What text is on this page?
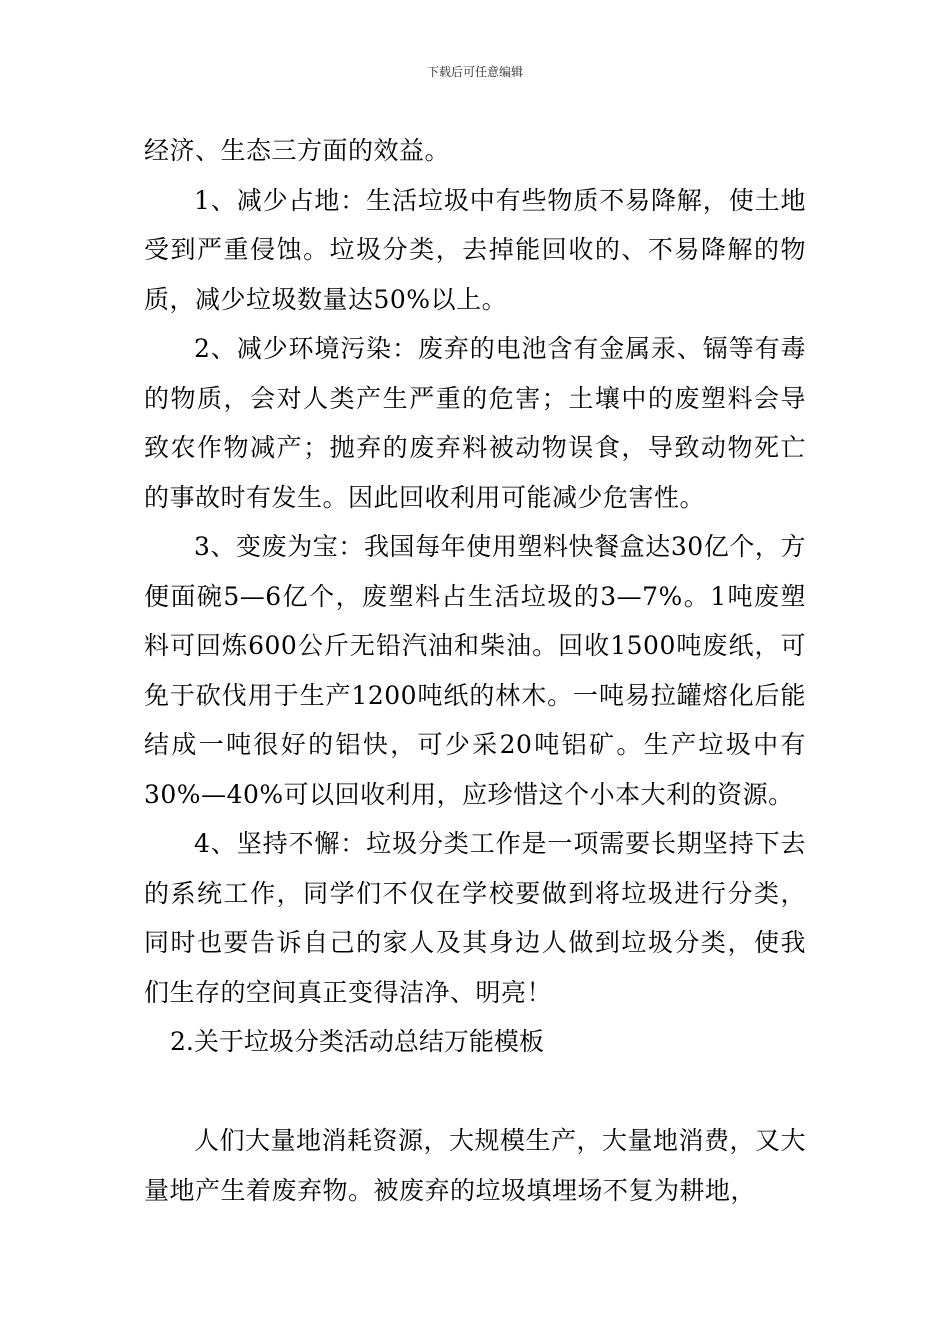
下载后可任意编辑

经济、生态三方面的效益。

1、减少占地：生活垃圾中有些物质不易降解，使土地受到严重侵蚀。垃圾分类，去掉能回收的、不易降解的物质，减少垃圾数量达50%以上。

2、减少环境污染：废弃的电池含有金属汞、镉等有毒的物质，会对人类产生严重的危害；土壤中的废塑料会导致农作物减产；抛弃的废弃料被动物误食，导致动物死亡的事故时有发生。因此回收利用可能减少危害性。

3、变废为宝：我国每年使用塑料快餐盒达30亿个，方便面碗5—6亿个，废塑料占生活垃圾的3—7%。1吨废塑料可回炼600公斤无铅汽油和柴油。回收1500吨废纸，可免于砍伐用于生产1200吨纸的林木。一吨易拉罐熔化后能结成一吨很好的铝快，可少采20吨铝矿。生产垃圾中有30%—40%可以回收利用，应珍惜这个小本大利的资源。

4、坚持不懈：垃圾分类工作是一项需要长期坚持下去的系统工作，同学们不仅在学校要做到将垃圾进行分类，同时也要告诉自己的家人及其身边人做到垃圾分类，使我们生存的空间真正变得洁净、明亮！

2.关于垃圾分类活动总结万能模板

人们大量地消耗资源，大规模生产，大量地消费，又大量地产生着废弃物。被废弃的垃圾填埋场不复为耕地，
